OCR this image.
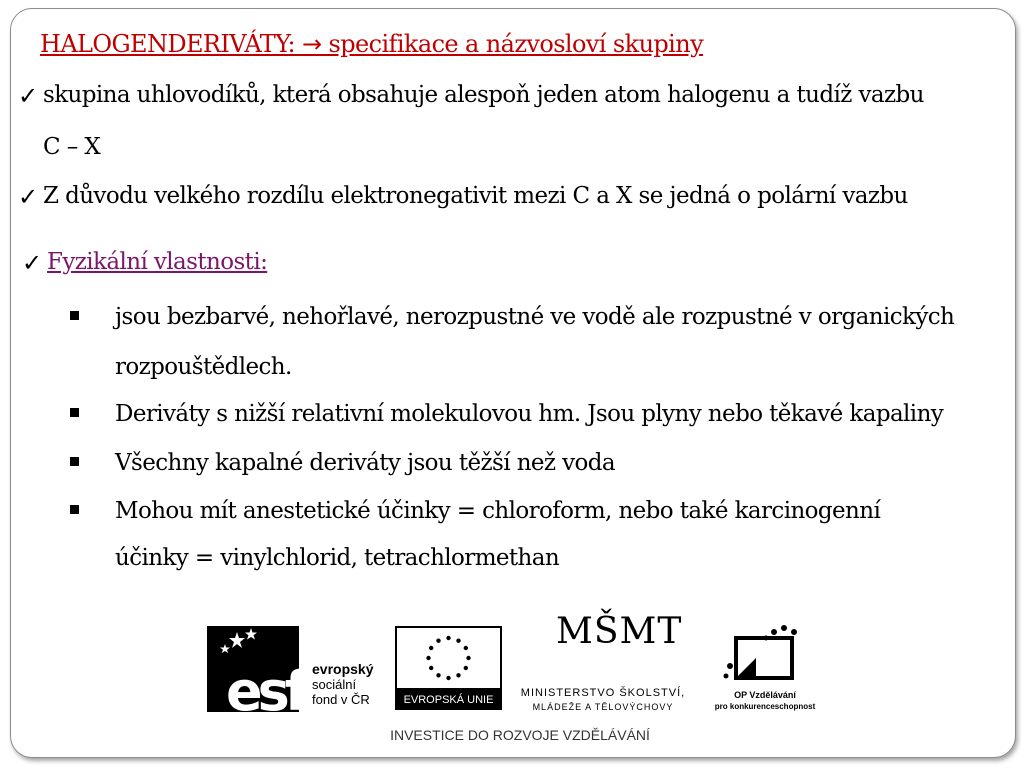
HALOGENDERIVÁTY: → specifikace a názvosloví skupiny
✓ skupina uhlovodíků, která obsahuje alespoň jeden atom halogenu a tudíž vazbu
C – X
✓ Z důvodu velkého rozdílu elektronegativit mezi C a X se jedná o polární vazbu
✓ Fyzikální vlastnosti:
jsou bezbarvé, nehořlavé, nerozpustné ve vodě ale rozpustné v organických
rozpouštědlech.
Deriváty s nižší relativní molekulovou hm. Jsou plyny nebo těkavé kapaliny
Všechny kapalné deriváty jsou těžší než voda
Mohou mít anestetické účinky = chloroform, nebo také karcinogenní
účinky = vinylchlorid, tetrachlormethan
esf evropský
sociální
fond v ČR	EVROPSKÁ UNIE
MŠMT
MINISTERSTVO ŠKOLSTVÍ,
MLÁDEŽE A TĚLOVÝCHOVY
OP Vzdělávání
pro konkurenceschopnost
INVESTICE DO ROZVOJE VZDĚLÁVÁNÍ
